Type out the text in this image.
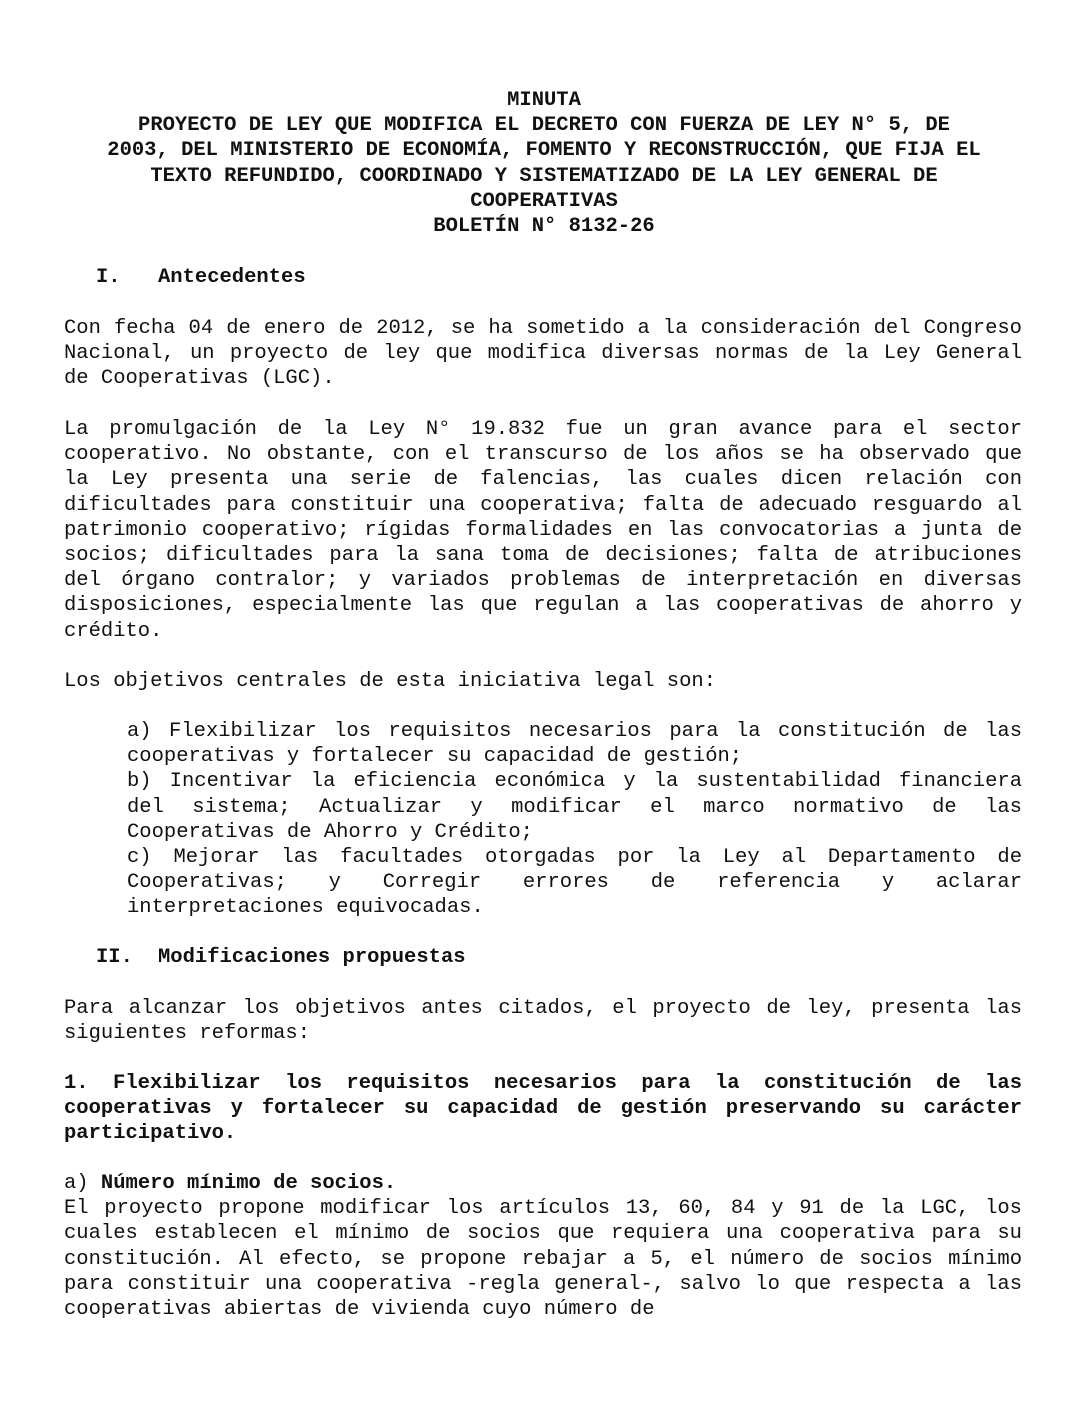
MINUTA
PROYECTO DE LEY QUE MODIFICA EL DECRETO CON FUERZA DE LEY N° 5, DE
2003, DEL MINISTERIO DE ECONOMÍA, FOMENTO Y RECONSTRUCCIÓN, QUE FIJA EL
TEXTO REFUNDIDO, COORDINADO Y SISTEMATIZADO DE LA LEY GENERAL DE
COOPERATIVAS
BOLETÍN N° 8132-26
I. Antecedentes

Con fecha 04 de enero de 2012, se ha sometido a la consideración del Congreso Nacional, un proyecto de ley que modifica diversas normas de la Ley General de Cooperativas (LGC).

La promulgación de la Ley N° 19.832 fue un gran avance para el sector cooperativo. No obstante, con el transcurso de los años se ha observado que la Ley presenta una serie de falencias, las cuales dicen relación con dificultades para constituir una cooperativa; falta de adecuado resguardo al patrimonio cooperativo; rígidas formalidades en las convocatorias a junta de socios; dificultades para la sana toma de decisiones; falta de atribuciones del órgano contralor; y variados problemas de interpretación en diversas disposiciones, especialmente las que regulan a las cooperativas de ahorro y crédito.

Los objetivos centrales de esta iniciativa legal son:

a) Flexibilizar los requisitos necesarios para la constitución de las cooperativas y fortalecer su capacidad de gestión;

b) Incentivar la eficiencia económica y la sustentabilidad financiera del sistema; Actualizar y modificar el marco normativo de las Cooperativas de Ahorro y Crédito;

c) Mejorar las facultades otorgadas por la Ley al Departamento de Cooperativas; y Corregir errores de referencia y aclarar interpretaciones equivocadas.

II. Modificaciones propuestas

Para alcanzar los objetivos antes citados, el proyecto de ley, presenta las siguientes reformas:

1. Flexibilizar los requisitos necesarios para la constitución de las cooperativas y fortalecer su capacidad de gestión preservando su carácter participativo.

a) Número mínimo de socios.

El proyecto propone modificar los artículos 13, 60, 84 y 91 de la LGC, los cuales establecen el mínimo de socios que requiera una cooperativa para su constitución. Al efecto, se propone rebajar a 5, el número de socios mínimo para constituir una cooperativa -regla general-, salvo lo que respecta a las cooperativas abiertas de vivienda cuyo número de
